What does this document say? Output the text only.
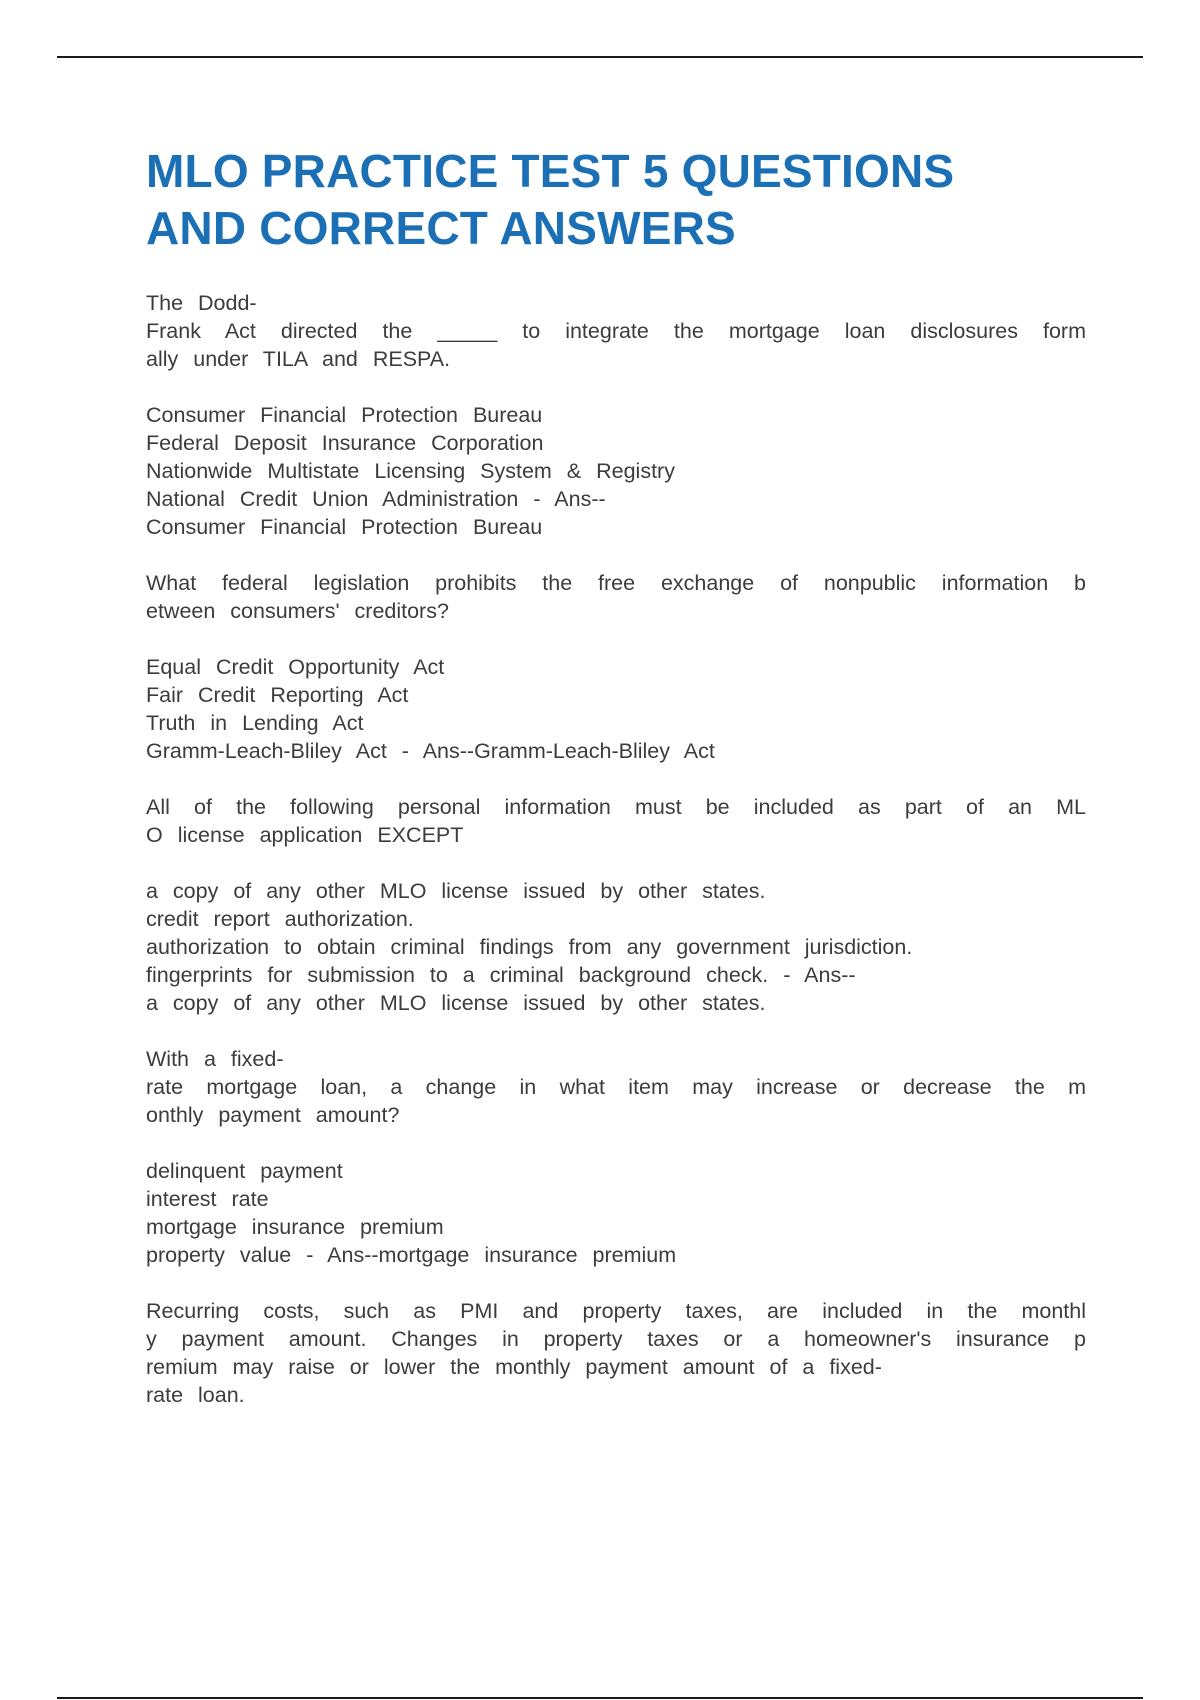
MLO PRACTICE TEST 5 QUESTIONS
AND CORRECT ANSWERS
The Dodd-
Frank Act directed the _____ to integrate the mortgage loan disclosures form
ally under TILA and RESPA.
Consumer Financial Protection Bureau
Federal Deposit Insurance Corporation
Nationwide Multistate Licensing System & Registry
National Credit Union Administration - Ans--
Consumer Financial Protection Bureau
What federal legislation prohibits the free exchange of nonpublic information b
etween consumers' creditors?
Equal Credit Opportunity Act
Fair Credit Reporting Act
Truth in Lending Act
Gramm-Leach-Bliley Act - Ans--Gramm-Leach-Bliley Act
All of the following personal information must be included as part of an ML
O license application EXCEPT
a copy of any other MLO license issued by other states.
credit report authorization.
authorization to obtain criminal findings from any government jurisdiction.
fingerprints for submission to a criminal background check. - Ans--
a copy of any other MLO license issued by other states.
With a fixed-
rate mortgage loan, a change in what item may increase or decrease the m
onthly payment amount?
delinquent payment
interest rate
mortgage insurance premium
property value - Ans--mortgage insurance premium
Recurring costs, such as PMI and property taxes, are included in the monthl
y payment amount. Changes in property taxes or a homeowner's insurance p
remium may raise or lower the monthly payment amount of a fixed-
rate loan.
